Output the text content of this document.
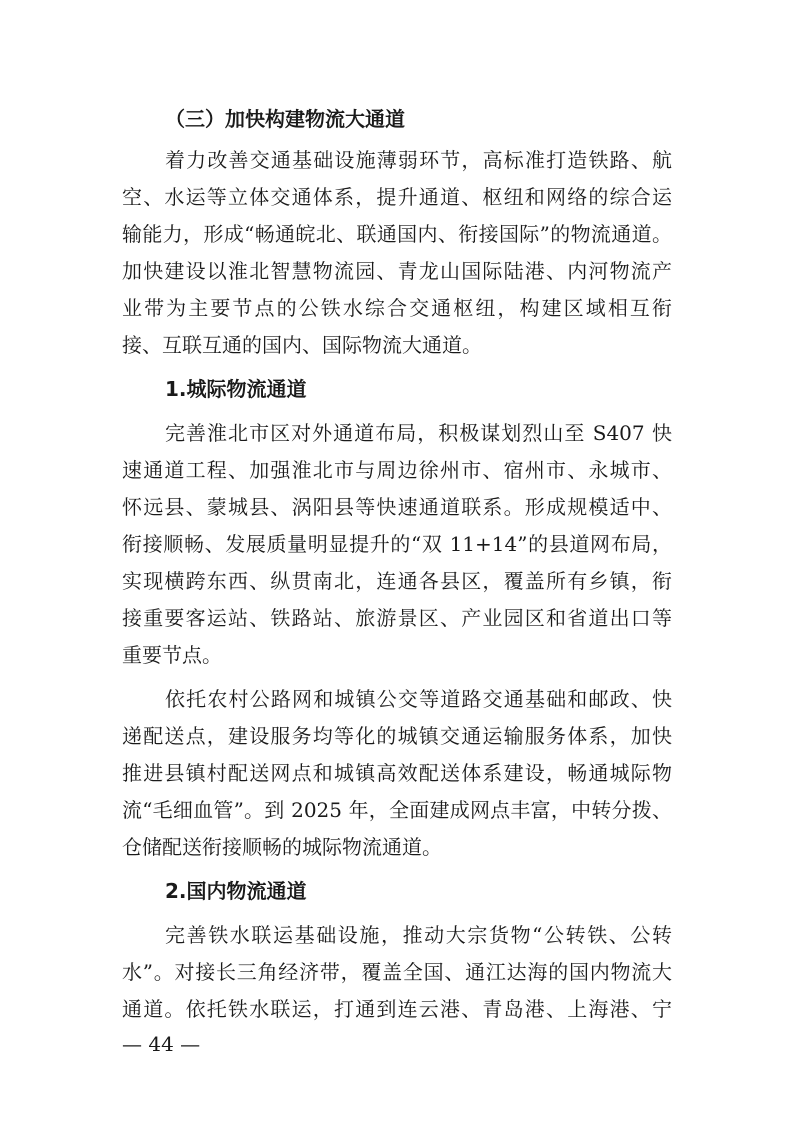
（三）加快构建物流大通道
着力改善交通基础设施薄弱环节，高标准打造铁路、航
空、水运等立体交通体系，提升通道、枢纽和网络的综合运
输能力，形成“畅通皖北、联通国内、衔接国际”的物流通道。
加快建设以淮北智慧物流园、青龙山国际陆港、内河物流产
业带为主要节点的公铁水综合交通枢纽，构建区域相互衔
接、互联互通的国内、国际物流大通道。
1.城际物流通道
完善淮北市区对外通道布局，积极谋划烈山至 S407 快
速通道工程、加强淮北市与周边徐州市、宿州市、永城市、
怀远县、蒙城县、涡阳县等快速通道联系。形成规模适中、
衔接顺畅、发展质量明显提升的“双 11+14”的县道网布局，
实现横跨东西、纵贯南北，连通各县区，覆盖所有乡镇，衔
接重要客运站、铁路站、旅游景区、产业园区和省道出口等
重要节点。
依托农村公路网和城镇公交等道路交通基础和邮政、快
递配送点，建设服务均等化的城镇交通运输服务体系，加快
推进县镇村配送网点和城镇高效配送体系建设，畅通城际物
流“毛细血管”。到 2025 年，全面建成网点丰富，中转分拨、
仓储配送衔接顺畅的城际物流通道。
2.国内物流通道
完善铁水联运基础设施，推动大宗货物“公转铁、公转
水”。对接长三角经济带，覆盖全国、通江达海的国内物流大
通道。依托铁水联运，打通到连云港、青岛港、上海港、宁
— 44 —
